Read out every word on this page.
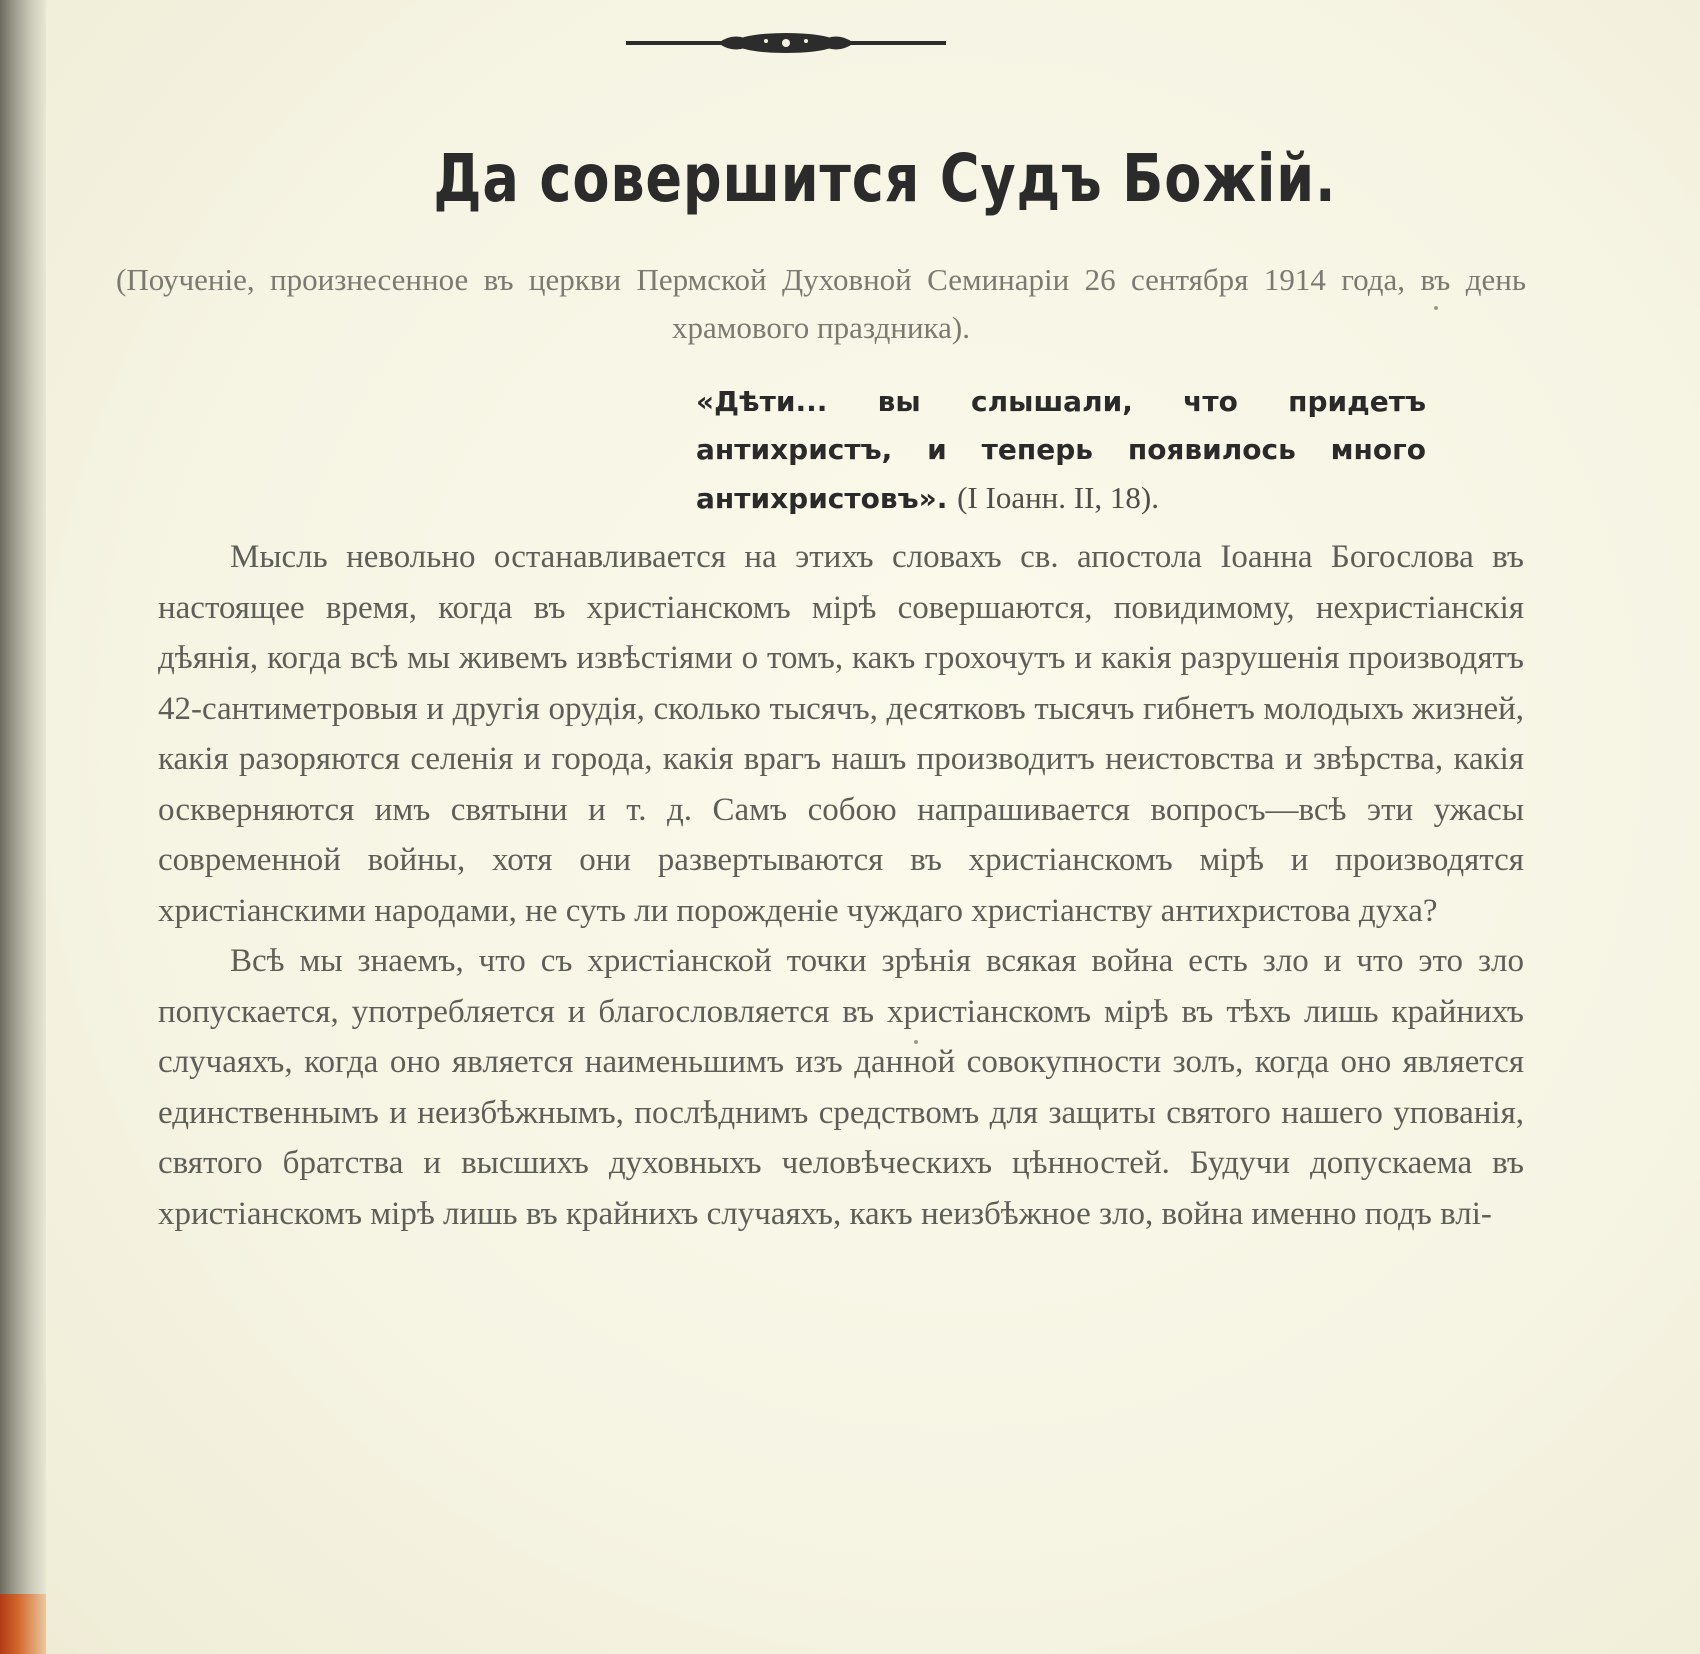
Да совершится Судъ Божій.

(Поученіе, произнесенное въ церкви Пермской Духовной Семинаріи 26 сентября 1914 года, въ день храмового праздника).

«Дѣти... вы слышали, что придетъ антихристъ, и теперь появилось много антихристовъ». (I Іоанн. II, 18).

Мысль невольно останавливается на этихъ словахъ св. апостола Іоанна Богослова въ настоящее время, когда въ христіанскомъ мірѣ совершаются, повидимому, нехристіанскія дѣянія, когда всѣ мы живемъ извѣстіями о томъ, какъ грохочутъ и какія разрушенія производятъ 42-сантиметровыя и другія орудія, сколько тысячъ, десятковъ тысячъ гибнетъ молодыхъ жизней, какія разоряются селенія и города, какія врагъ нашъ производитъ неистовства и звѣрства, какія оскверняются имъ святыни и т. д. Самъ собою напрашивается вопросъ—всѣ эти ужасы современной войны, хотя они развертываются въ христіанскомъ мірѣ и производятся христіанскими народами, не суть ли порожденіе чуждаго христіанству антихристова духа?

Всѣ мы знаемъ, что съ христіанской точки зрѣнія всякая война есть зло и что это зло попускается, употребляется и благословляется въ христіанскомъ мірѣ въ тѣхъ лишь крайнихъ случаяхъ, когда оно является наименьшимъ изъ данной совокупности золъ, когда оно является единственнымъ и неизбѣжнымъ, послѣднимъ средствомъ для защиты святого нашего упованія, святого братства и высшихъ духовныхъ человѣческихъ цѣнностей. Будучи допускаема въ христіанскомъ мірѣ лишь въ крайнихъ случаяхъ, какъ неизбѣжное зло, война именно подъ влі-
